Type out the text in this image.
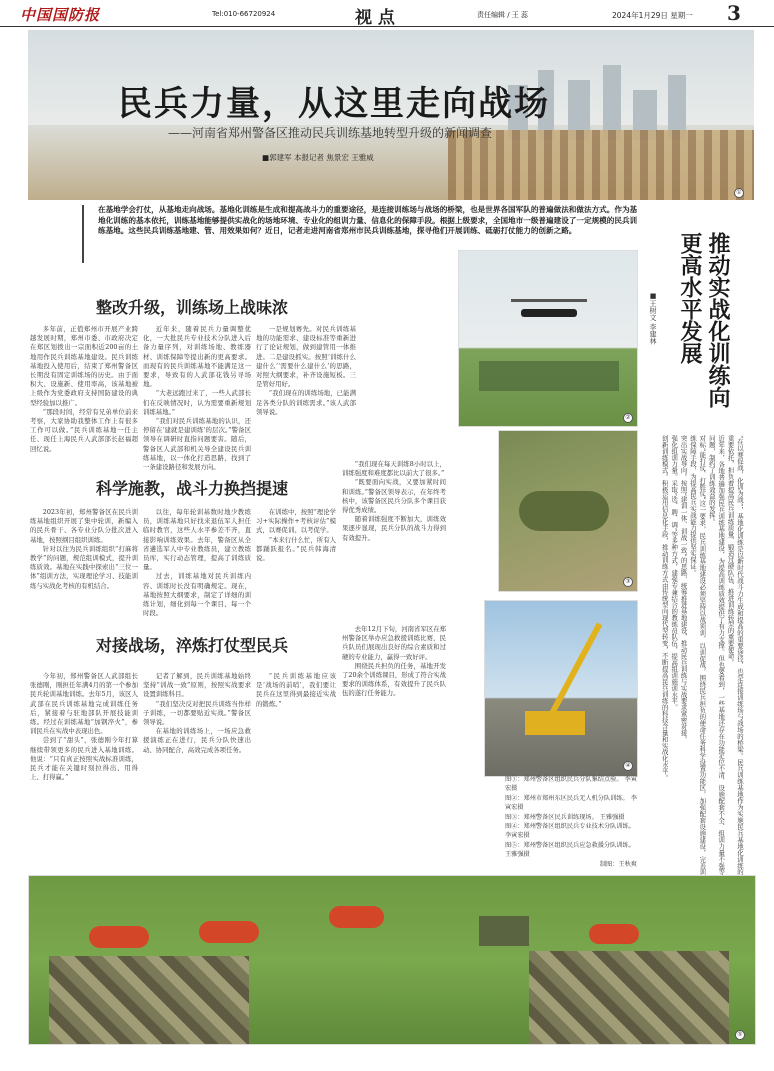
中国国防报	Tel:010-66720924	视 点	责任编辑 / 王 蕊	2024年1月29日 星期一 3
①
民兵力量，从这里走向战场
——河南省郑州警备区推动民兵训练基地转型升级的新闻调查
■郭建军 本报记者 焦景宏 王雅威
在基地学会打仗，从基地走向战场。基地化训练是生成和提高战斗力的重要途径，是连接训练场与战场的桥梁，也是世界各国军队的普遍做法和做法方式。作为基地化训练的基本依托，训练基地能够提供实战化的场地环境、专业化的组训力量、信息化的保障手段。根据上级要求，全国地市一级普遍建设了一定规模的民兵训练基地。这些民兵训练基地建、管、用效果如何？近日，记者走进河南省郑州市民兵训练基地，探寻他们开展训练、砥砺打仗能力的创新之路。
整改升级，训练场上战味浓

多年前，正值郑州市开展产业跨越发展时期，郑州市委、市政府决定在郑区划拨出一宗面积近200亩的土地用作民兵训练基地建设。民兵训练基地投入使用后，结束了郑州警备区长期没有固定训练场的历史。由于面积大、设施新、使用率高，该基地被上级作为党委政府支持国防建设的典型经验加以推广。

“那段时间，经常有兄弟单位前来考察，大家协助我整体工作上有很多工作可以做。”民兵训练基地一任主任、现任上海民兵人武部部长赵福超回忆说。

近年来，随着民兵力量调整优化，一大批民兵专业技术分队进入后备力量序列，对训练场地、教练器材、训练保障等提出新的更高要求。而现有的民兵训练基地不能满足这一要求，导致有的人武部花钱另寻场地。

“大老远跑过来了，一些人武部长们在反映情况时，认为需要重新规划训练基地。”

“我们对民兵训练基地的认识，还停留在‘建就是建训练’的层次。”警备区领导在调研时直指问题要害。随后，警备区人武部和机关导全建设民兵训练基地，以一体化打造思路，找到了一条建设路径和发展方向。

一是规划赛先。对民兵训练基地的功能需求、建设标准等重新进行了论证规划，做到建管用一体推进。二是建设抓实。按照‘训练什么建什么’‘需要什么建什么’的思路，对照大纲要求，补齐设施短板。三是管好用好。

“我们现在的训练场地，已能满足各类分队的训练需求。”该人武部领导说。

科学施教，战斗力换挡提速

2023年初，郑州警备区在民兵训练基地组织开展了集中轮训，新编入的民兵骨干、各专业分队分批次进入基地，按照纲目组织训练。

针对以往为民兵训练组织“打麻将教学”的问题，规范组训模式，提升训练质效。基地在实践中探索出“三位一体”组训方法，实现理论学习、技能训练与实战化考核的有机结合。

以往，每年轮训基数时地少教练员，训练基地只好找来退伍军人担任临时教官，这些人水平参差不齐，直接影响训练效果。去年，警备区从全省遴选军人中专业教练员，建立教练员库，实行动态管理，提高了训练质量。

过去，训练基地对民兵训练内容、训练时长没有明确规定。现在，基地按照大纲要求，制定了详细的训练计划，细化到每一个课目、每一个时段。

在训练中，按照“理论学习+实际操作+考核评估”模式，以赛促训、以考促学。

“本来行什么忙，所有人都踊跃报名。”民兵韩海清说。

“我们现在每天训练8小时以上，训练强度和难度都比以前大了很多。”

“既要面向实战，又要加紧时间和训练。”警备区领导表示，在年终考核中，该警备区民兵分队多个课目获得优秀成绩。

随着训练强度不断加大，训练效果逐步显现，民兵分队的战斗力得到有效提升。

对接战场，淬炼打仗型民兵

今年初，郑州警备区人武部组长张德刚，刚担任年满4月的第一个参加民兵轮训基地训练。去年5月，该区人武部在民兵训练基地完成训练任务后，紧接着与驻地部队开展技能训练。经过在训练基地“加钢淬火”，参训民兵在实战中表现出色。

尝到了“甜头”，张德刚今年打算继续带领更多的民兵进入基地训练。他说：“只有真正按照实战标准训练，民兵才能在关键时刻拉得出、用得上、打得赢。”

记者了解到，民兵训练基地始终坚持“训战一致”原则，按照实战要求设置训练科目。

“我们坚决反对把民兵训练当作样子训练，一切都要贴近实战。”警备区领导说。

在基地的训练场上，一场应急救援演练正在进行，民兵分队快速出动、协同配合，高效完成各项任务。

“民兵训练基地应该是‘战场的前哨’，我们要让民兵在这里得到最接近实战的锻炼。”

去年12月下旬，河南省军区在郑州警备区举办应急救援训练比赛，民兵队员们展现出良好的综合素质和过硬的专业能力，赢得一致好评。

围绕民兵担负的任务，基地开发了20余个训练课目，形成了符合实战要求的训练体系，有效提升了民兵队伍的遂行任务能力。

②
③
④
图①：郑州警备区组织民兵分队集结点验。 李寅宏摄
图②：郑州市郑州东区民兵无人机分队训练。 李寅宏摄
图③：郑州警备区民兵训练现场。 王雅强摄
图④：郑州警备区组织民兵专业技术分队训练。 李寅宏摄
图⑤：郑州警备区组织民兵应急救援分队训练。 王雅强摄
制图：王秋爽
推动实战化训练向更高水平发展
■王树文 李建林

“在以赛促战，化训为战”，基地化训练是以新时代战斗力生成和提高的重要途径，也是连接训练场与战场的桥梁。民兵训练基地作为实施民兵基地化训练的重要依托，担负着提高民兵训练质量、锻造过硬队伍、推进训练转型的重要使命。

近年来，各地普遍加强民兵训练基地建设，为提高训练质效提供了有力支撑。但也要看到，一些基地还存在功能定位不清、设施配套不全、组训力量不强等问题，制约了训练效益的发挥。

对标“能打仗、打胜仗”这一要求，民兵训练基地建设必须坚持以战领训、以训促战，围绕民兵担负的使命任务科学设置功能区，加强配套设施建设，完善训练保障手段，为提高民兵实战能力提供坚实保证。

突出实战导向。按照“建训一体、训战一致”的思路，统筹推进基地建设，推动民兵训练与实战要求紧密对接。

强化组训力量。采取“选、聘、调”等多种方式，建强专兼结合的教练员队伍，提高组训施训水平。

创新训练模式。积极运用信息化手段，推动训练方式由传统型向现代型转变，不断提高民兵训练的科技含量和实战化水平。

⑤
